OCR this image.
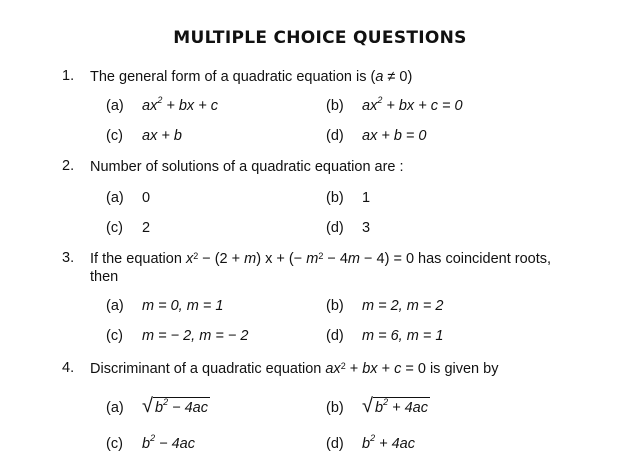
MULTIPLE CHOICE QUESTIONS
1. The general form of a quadratic equation is (a ≠ 0)
(a) $ax^2$ + bx + c	(b) $ax^2$ + bx + c = 0
(c) ax + b	(d) ax + b = 0
2. Number of solutions of a quadratic equation are :
(a) 0	(b) 1
(c) 2	(d) 3
3. If the equation $x^2 - (2 + m) x$ + (− $m^2 - 4m - 4) = 0$ has coincident roots, then
(a) m = 0, m = 1	(b) m = 2, m = 2
(c) m = − 2, m = − 2	(d) m = 6, m = 1
4. Discriminant of a quadratic equation $ax^2$ + bx + c = 0 is given by
(a) √ $b^2 - 4ac$	(b) √ $b^2 + 4ac$
(c) $b^2 - 4ac$	(d) $b^2 + 4ac$
